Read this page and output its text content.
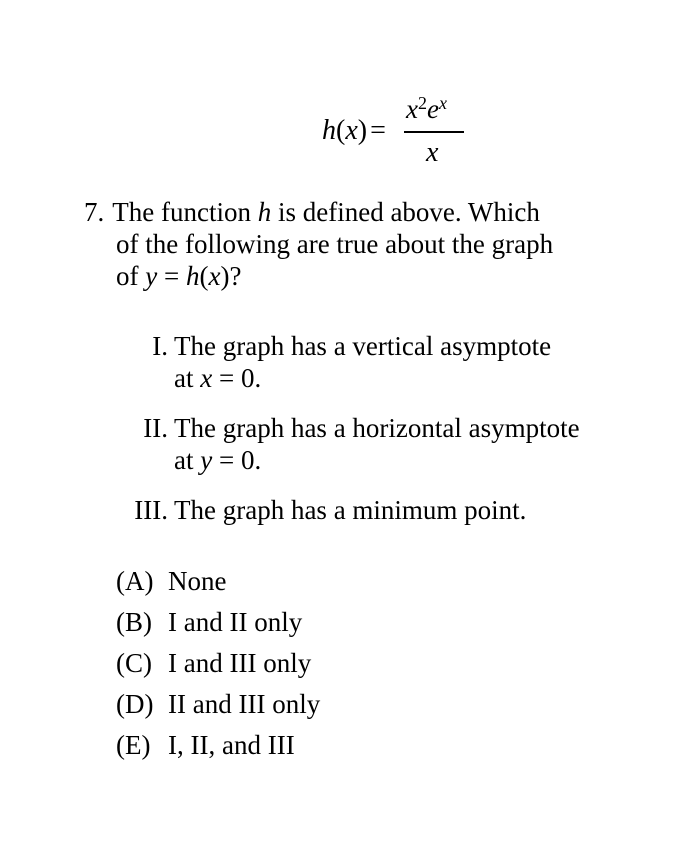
h(x) =
$x^2e^x$
x
7. The function h is defined above. Which
of the following are true about the graph
of y = h(x)?
I. The graph has a vertical asymptote
at x = 0.
II. The graph has a horizontal asymptote
at y = 0.
III. The graph has a minimum point.
(A) None
(B) I and II only
(C) I and III only
(D) II and III only
(E) I, II, and III
